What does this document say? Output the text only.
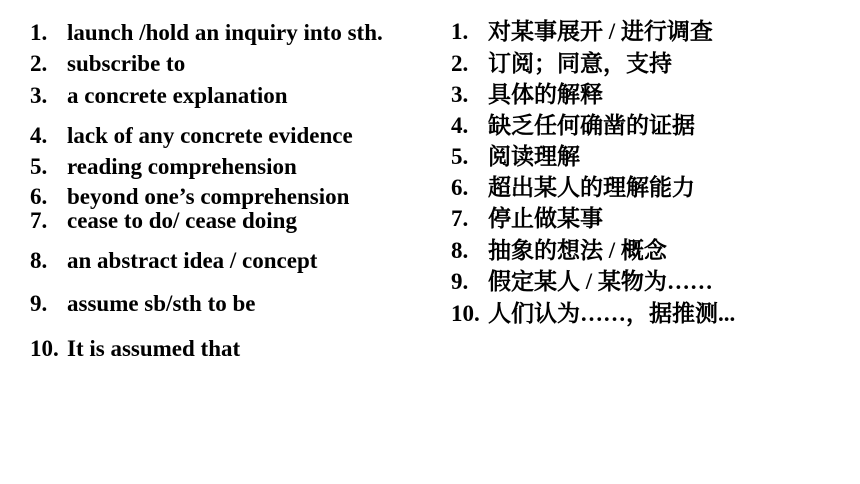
1. launch /hold an inquiry into sth.
2. subscribe to
3. a concrete explanation
4. lack of any concrete evidence
5. reading comprehension
6. beyond one’s comprehension
7. cease to do/ cease doing
8. an abstract idea / concept
9. assume sb/sth to be
10. It is assumed that
1. 对某事展开 / 进行调查
2. 订阅；同意，支持
3. 具体的解释
4. 缺乏任何确凿的证据
5. 阅读理解
6. 超出某人的理解能力
7. 停止做某事
8. 抽象的想法 / 概念
9. 假定某人 / 某物为……
10. 人们认为……，据推测...
